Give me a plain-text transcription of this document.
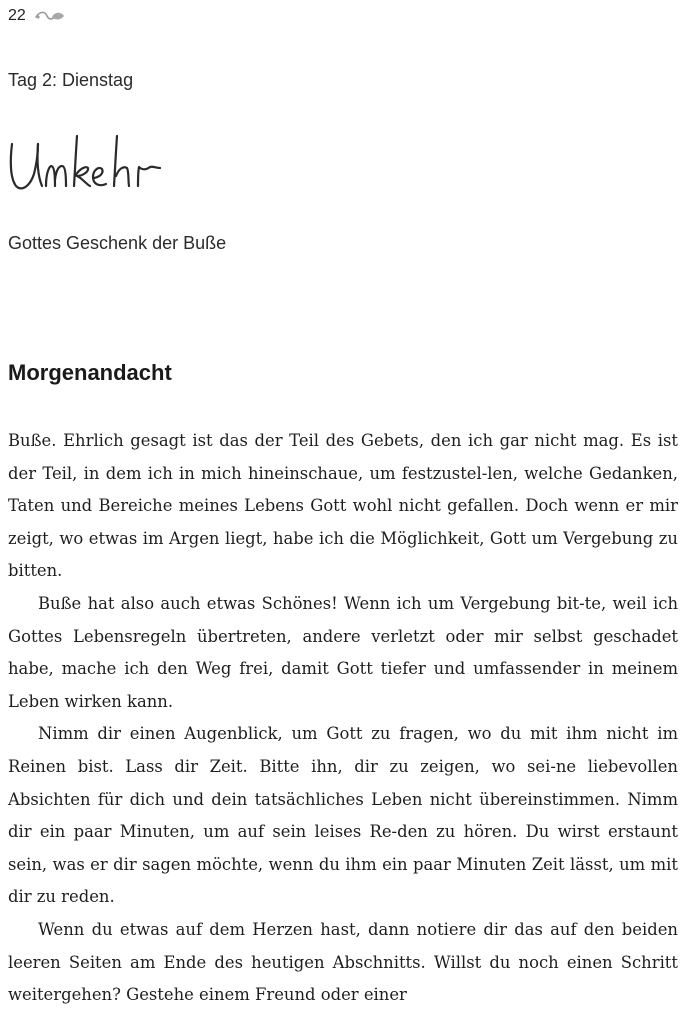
22
Tag 2: Dienstag
Gottes Geschenk der Buße
Morgenandacht

Buße. Ehrlich gesagt ist das der Teil des Gebets, den ich gar nicht mag. Es ist der Teil, in dem ich in mich hineinschaue, um festzustel-len, welche Gedanken, Taten und Bereiche meines Lebens Gott wohl nicht gefallen. Doch wenn er mir zeigt, wo etwas im Argen liegt, habe ich die Möglichkeit, Gott um Vergebung zu bitten.

Buße hat also auch etwas Schönes! Wenn ich um Vergebung bit-te, weil ich Gottes Lebensregeln übertreten, andere verletzt oder mir selbst geschadet habe, mache ich den Weg frei, damit Gott tiefer und umfassender in meinem Leben wirken kann.

Nimm dir einen Augenblick, um Gott zu fragen, wo du mit ihm nicht im Reinen bist. Lass dir Zeit. Bitte ihn, dir zu zeigen, wo sei-ne liebevollen Absichten für dich und dein tatsächliches Leben nicht übereinstimmen. Nimm dir ein paar Minuten, um auf sein leises Re-den zu hören. Du wirst erstaunt sein, was er dir sagen möchte, wenn du ihm ein paar Minuten Zeit lässt, um mit dir zu reden.

Wenn du etwas auf dem Herzen hast, dann notiere dir das auf den beiden leeren Seiten am Ende des heutigen Abschnitts. Willst du noch einen Schritt weitergehen? Gestehe einem Freund oder einer
